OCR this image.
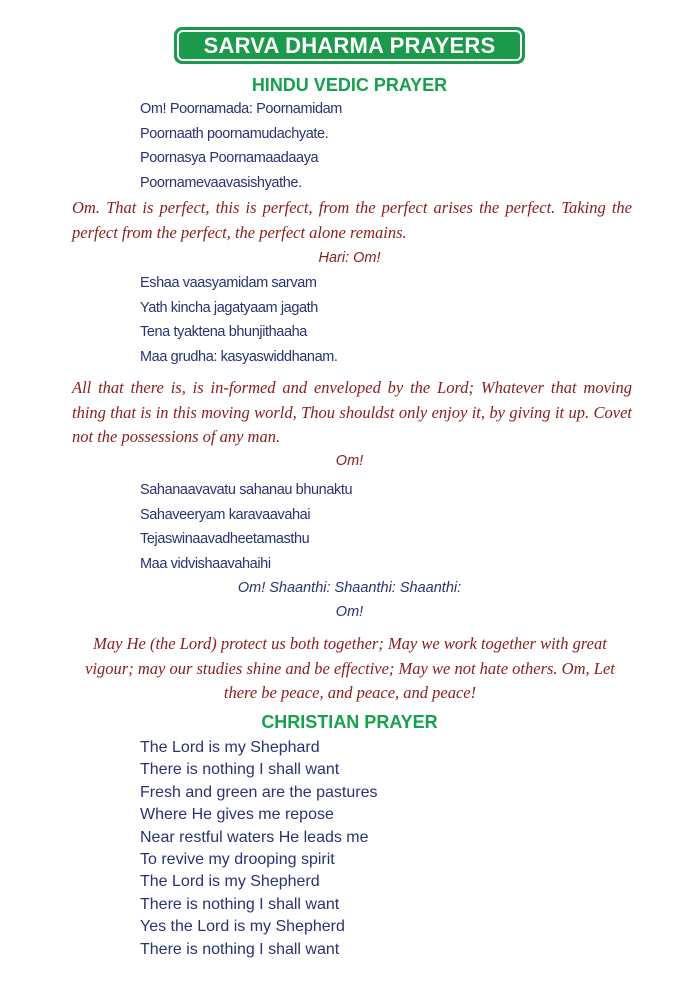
SARVA DHARMA PRAYERS
HINDU VEDIC PRAYER
Om! Poornamada: Poornamidam
Poornaath poornamudachyate.
Poornasya Poornamaadaaya
Poornamevaavasishyathe.

Om. That is perfect, this is perfect, from the perfect arises the perfect. Taking the perfect from the perfect, the perfect alone remains.

Hari: Om!
Eshaa vaasyamidam sarvam
Yath kincha jagatyaam jagath
Tena tyaktena bhunjithaaha
Maa grudha: kasyaswiddhanam.

All that there is, is in-formed and enveloped by the Lord; Whatever that moving thing that is in this moving world, Thou shouldst only enjoy it, by giving it up. Covet not the possessions of any man.

Om!
Sahanaavavatu sahanau bhunaktu
Sahaveeryam karavaavahai
Tejaswinaavadheetamasthu
Maa vidvishaavahaihi
Om! Shaanthi: Shaanthi: Shaanthi:
Om!

May He (the Lord) protect us both together; May we work together with great vigour; may our studies shine and be effective; May we not hate others. Om, Let there be peace, and peace, and peace!

CHRISTIAN PRAYER
The Lord is my Shephard
There is nothing I shall want
Fresh and green are the pastures
Where He gives me repose
Near restful waters He leads me
To revive my drooping spirit
The Lord is my Shepherd
There is nothing I shall want
Yes the Lord is my Shepherd
There is nothing I shall want
